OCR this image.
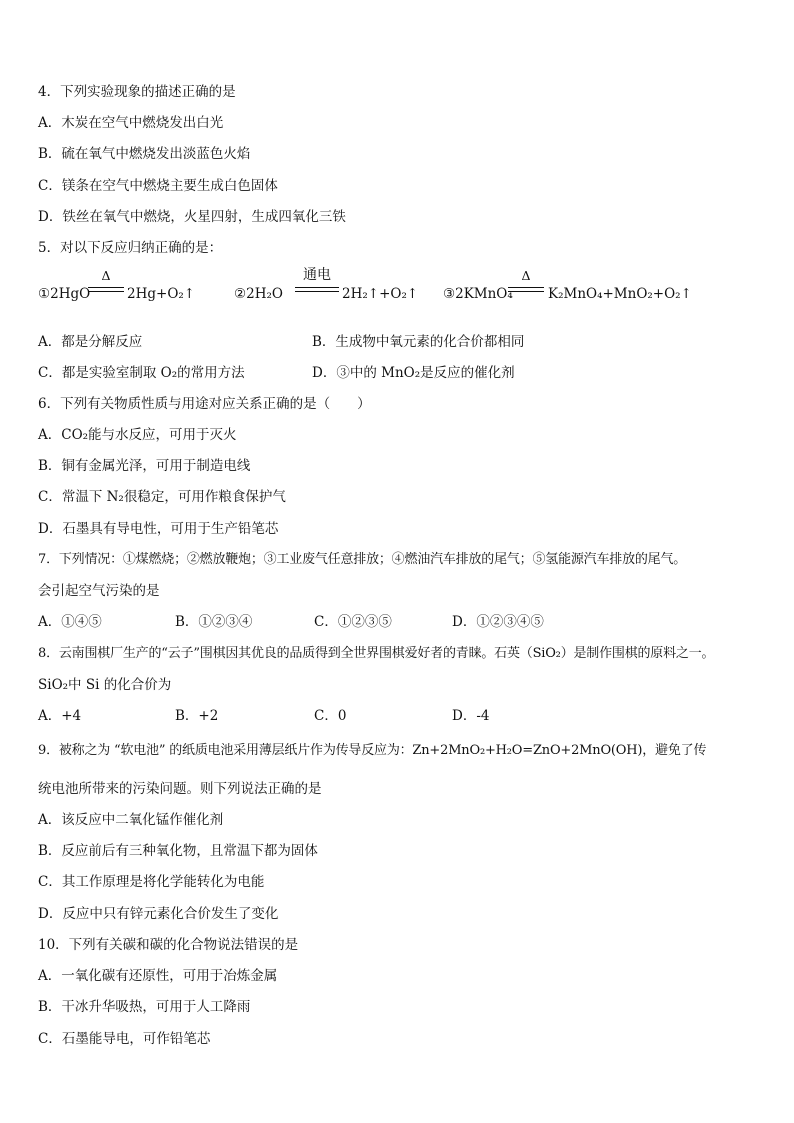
4．下列实验现象的描述正确的是
A．木炭在空气中燃烧发出白光
B．硫在氧气中燃烧发出淡蓝色火焰
C．镁条在空气中燃烧主要生成白色固体
D．铁丝在氧气中燃烧，火星四射，生成四氧化三铁
5．对以下反应归纳正确的是：
①2HgO
Δ
2Hg+O₂↑	②2H₂O
通电
2H₂↑+O₂↑ ③2KMnO₄
Δ
K₂MnO₄+MnO₂+O₂↑
A．都是分解反应	B．生成物中氧元素的化合价都相同
C．都是实验室制取 O₂的常用方法	D．③中的 MnO₂是反应的催化剂
6．下列有关物质性质与用途对应关系正确的是（　　）
A．CO₂能与水反应，可用于灭火
B．铜有金属光泽，可用于制造电线
C．常温下 N₂很稳定，可用作粮食保护气
D．石墨具有导电性，可用于生产铅笔芯
7．下列情况：①煤燃烧；②燃放鞭炮；③工业废气任意排放；④燃油汽车排放的尾气；⑤氢能源汽车排放的尾气。
会引起空气污染的是
A．①④⑤	B．①②③④	C．①②③⑤	D．①②③④⑤
8．云南围棋厂生产的“云子”围棋因其优良的品质得到全世界围棋爱好者的青睐。石英（SiO₂）是制作围棋的原料之一。
SiO₂中 Si 的化合价为
A．+4	B．+2	C．0	D．-4
9．被称之为 “软电池” 的纸质电池采用薄层纸片作为传导反应为：Zn+2MnO₂+H₂O=ZnO+2MnO(OH)，避免了传
统电池所带来的污染问题。则下列说法正确的是
A．该反应中二氧化锰作催化剂
B．反应前后有三种氧化物，且常温下都为固体
C．其工作原理是将化学能转化为电能
D．反应中只有锌元素化合价发生了变化
10．下列有关碳和碳的化合物说法错误的是
A．一氧化碳有还原性，可用于冶炼金属
B．干冰升华吸热，可用于人工降雨
C．石墨能导电，可作铅笔芯
